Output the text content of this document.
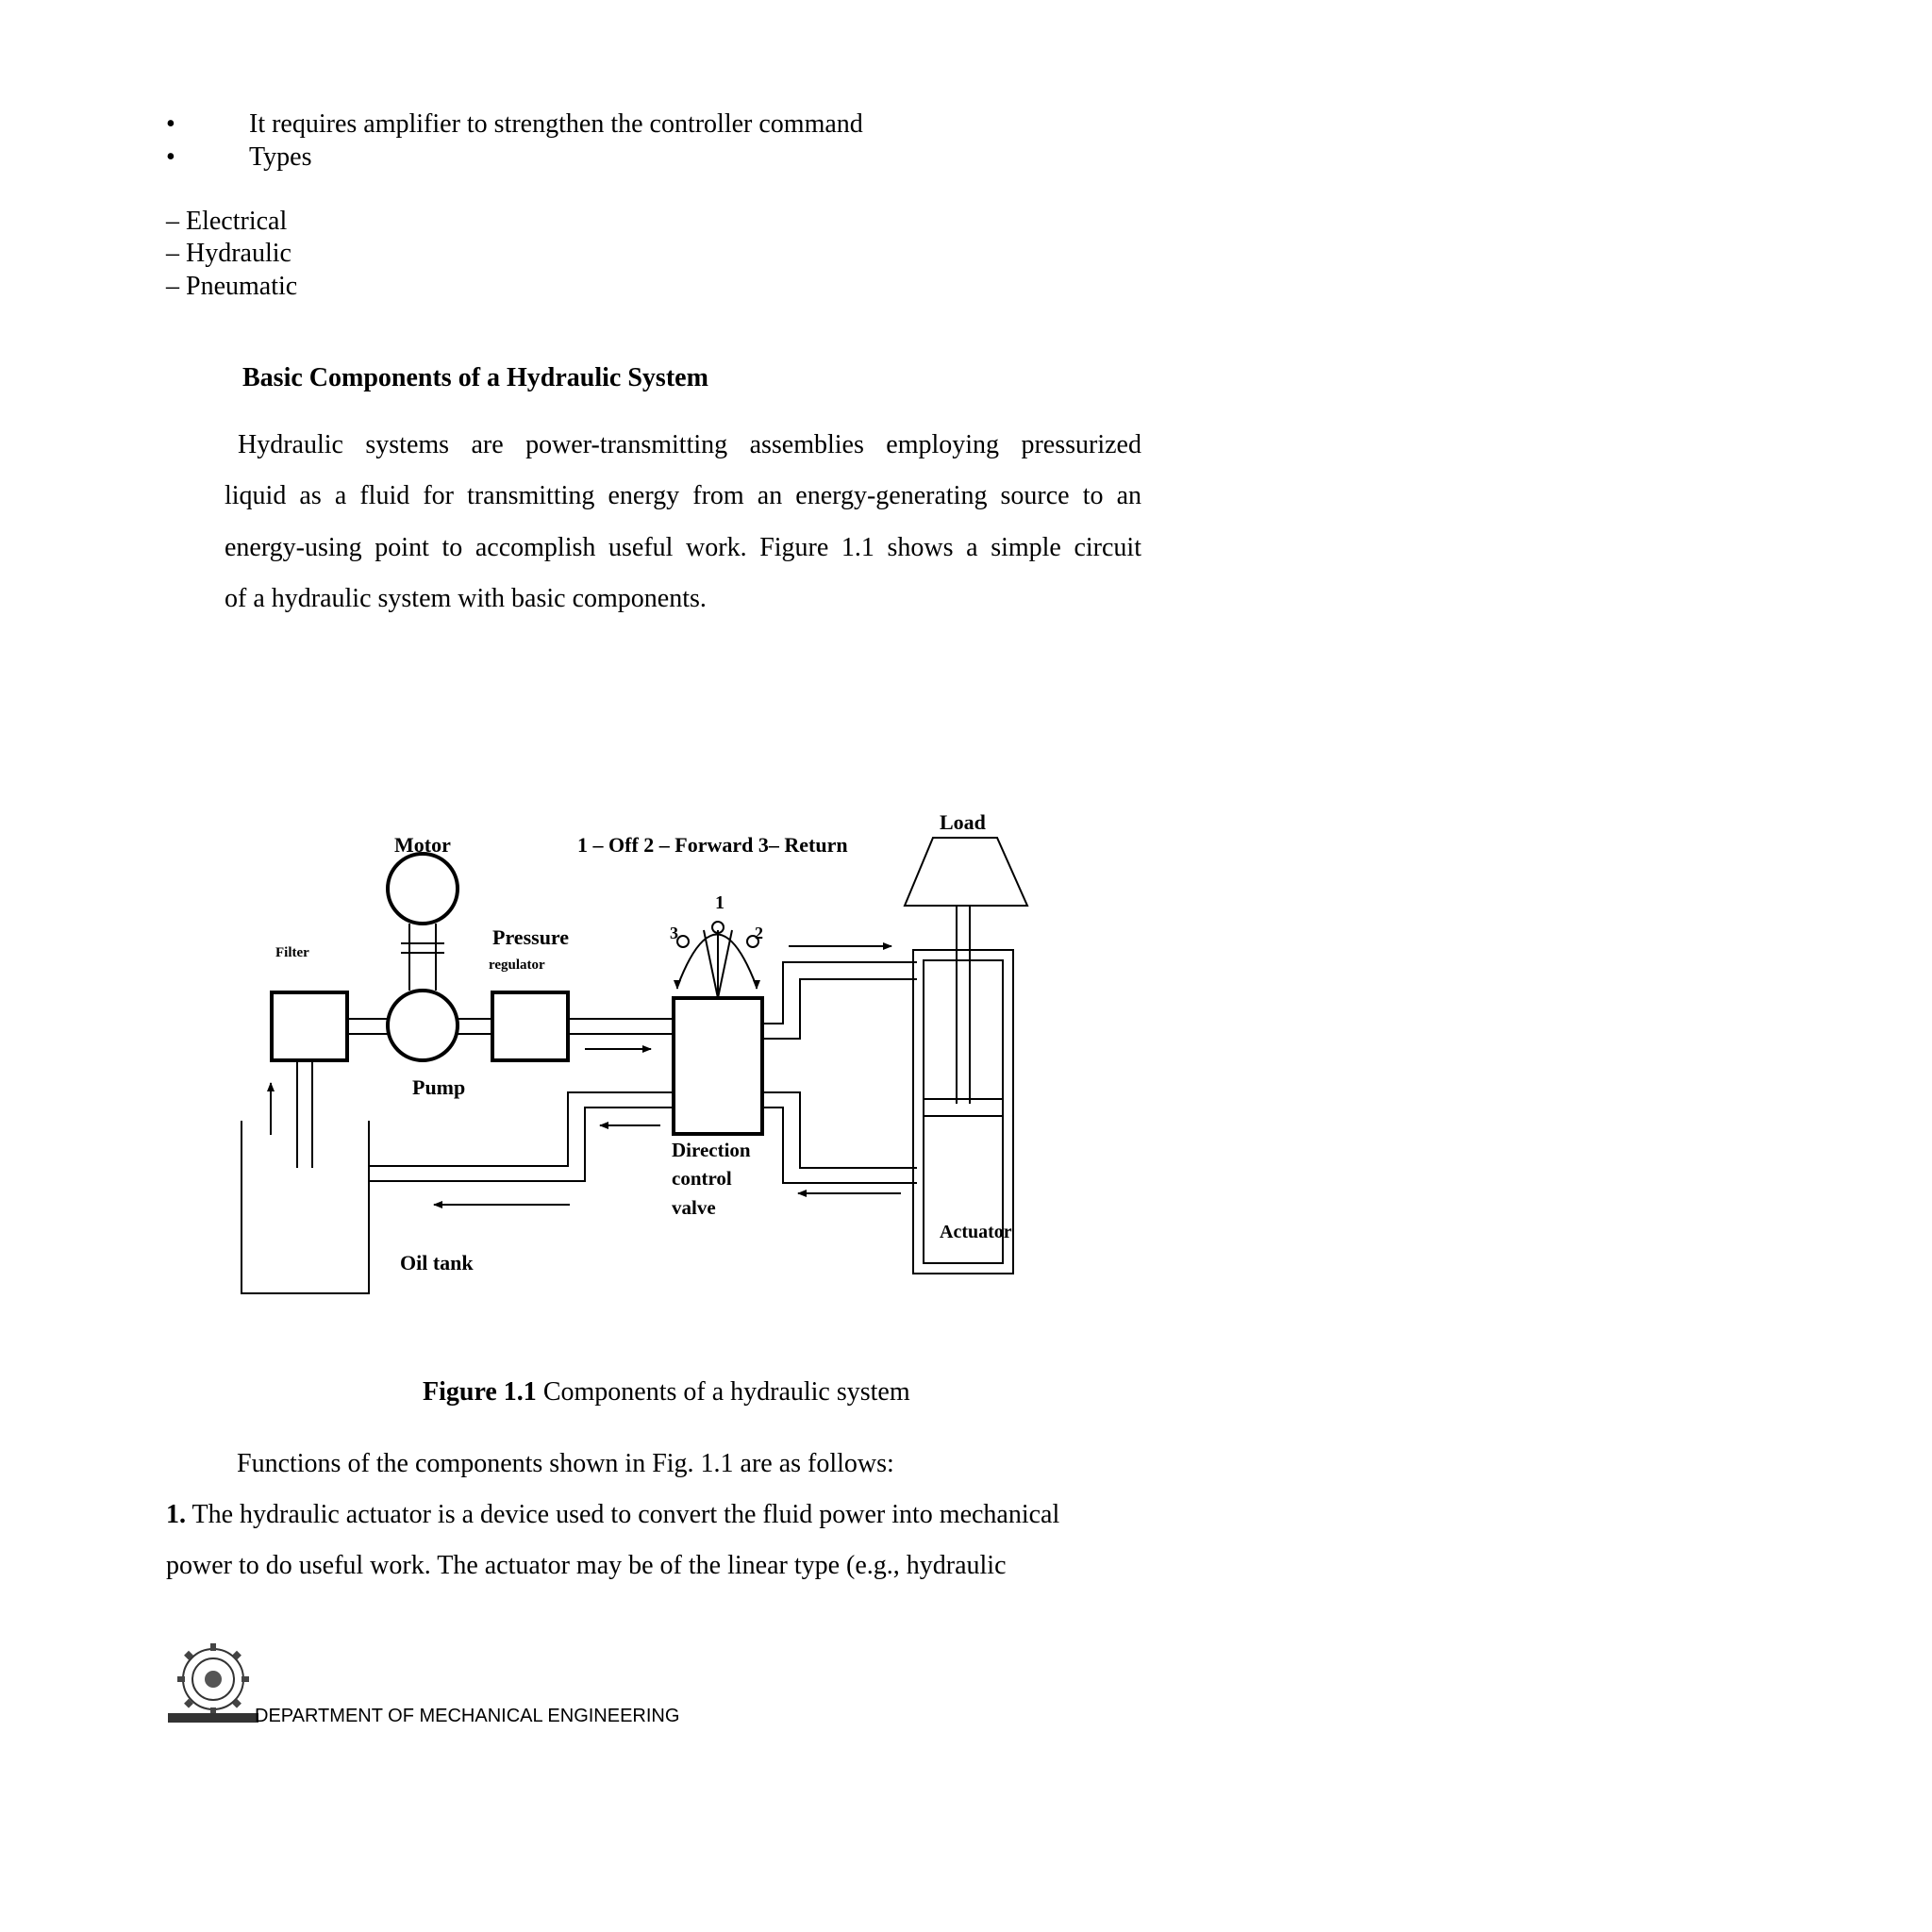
•	It requires amplifier to strengthen the controller command
•	Types
– Electrical
– Hydraulic
– Pneumatic
Basic Components of a Hydraulic System
Hydraulic systems are power-transmitting assemblies employing pressurized
liquid as a fluid for transmitting energy from an energy-generating source to an
energy-using point to accomplish useful work. Figure 1.1 shows a simple circuit
of a hydraulic system with basic components.
Motor	1 – Off 2 – Forward 3– Return
Load
1
2
3
Filter
Pressure
regulator
Pump
Direction
control
valve
Actuator
Oil tank
Figure 1.1 Components of a hydraulic system
Functions of the components shown in Fig. 1.1 are as follows:
1. The hydraulic actuator is a device used to convert the fluid power into mechanical
power to do useful work. The actuator may be of the linear type (e.g., hydraulic
DEPARTMENT OF MECHANICAL ENGINEERING
